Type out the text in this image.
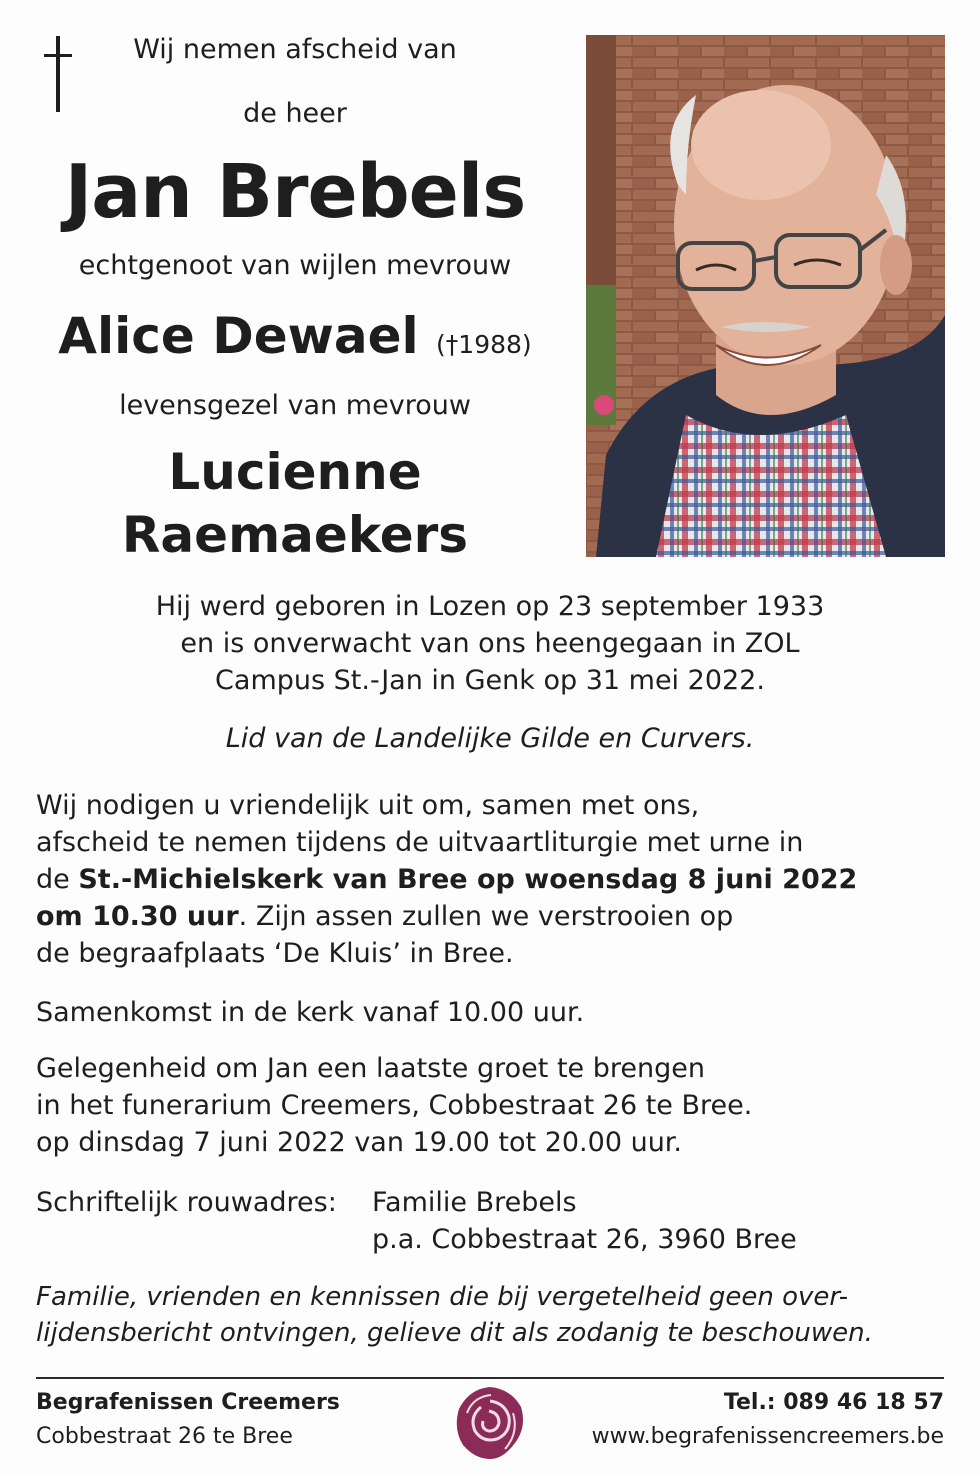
Wij nemen afscheid van
de heer
Jan Brebels
echtgenoot van wijlen mevrouw
Alice Dewael (†1988)
levensgezel van mevrouw
Lucienne
Raemaekers
Hij werd geboren in Lozen op 23 september 1933
en is onverwacht van ons heengegaan in ZOL
Campus St.-Jan in Genk op 31 mei 2022.
Lid van de Landelijke Gilde en Curvers.
Wij nodigen u vriendelijk uit om, samen met ons,
afscheid te nemen tijdens de uitvaartliturgie met urne in
de St.-Michielskerk van Bree op woensdag 8 juni 2022
om 10.30 uur. Zijn assen zullen we verstrooien op
de begraafplaats ‘De Kluis’ in Bree.
Samenkomst in de kerk vanaf 10.00 uur.
Gelegenheid om Jan een laatste groet te brengen
in het funerarium Creemers, Cobbestraat 26 te Bree.
op dinsdag 7 juni 2022 van 19.00 tot 20.00 uur.
Schriftelijk rouwadres: Familie Brebels
p.a. Cobbestraat 26, 3960 Bree
Familie, vrienden en kennissen die bij vergetelheid geen over-
lijdensbericht ontvingen, gelieve dit als zodanig te beschouwen.
Begrafenissen Creemers
Cobbestraat 26 te Bree
Tel.: 089 46 18 57
www.begrafenissencreemers.be
